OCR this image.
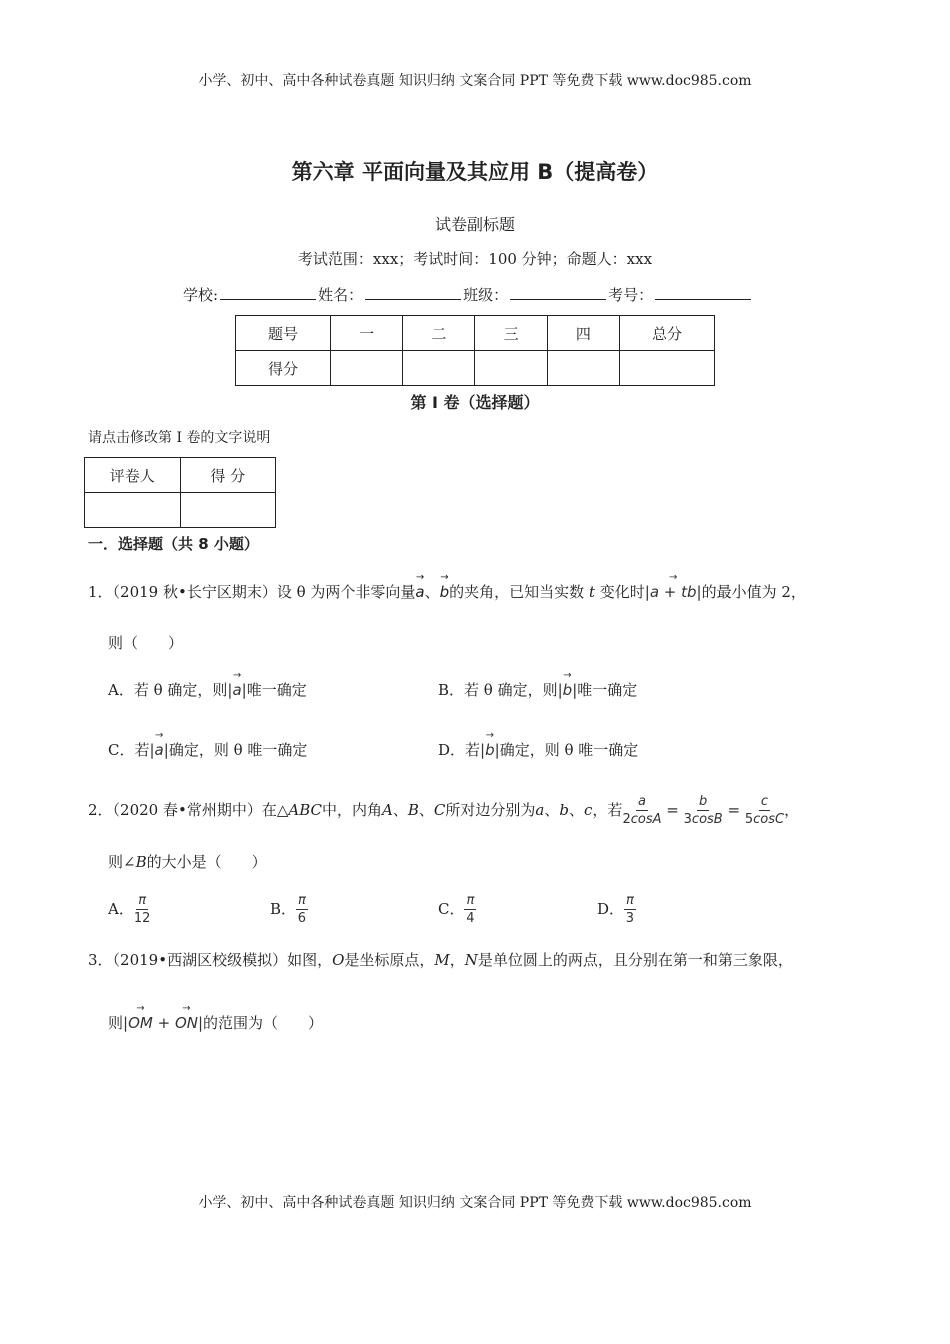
小学、初中、高中各种试卷真题 知识归纳 文案合同 PPT 等免费下载 www.doc985.com
第六章 平面向量及其应用 B（提高卷）
试卷副标题
考试范围：xxx；考试时间：100 分钟；命题人：xxx
学校:	姓名：	班级：	考号：
题号	一	二	三	四	总分
得分					
第 I 卷（选择题）
请点击修改第 I 卷的文字说明
评卷人	得 分

一．选择题（共 8 小题）
1．（2019 秋•长宁区期末）设 θ 为两个非零向量→ a、→ b的夹角，已知当实数 t 变化时|→ a + tb|的最小值为 2，
则（　　）
A．若 θ 确定，则|→ a|唯一确定	B．若 θ 确定，则|→ b|唯一确定
C．若|→ a|确定，则 θ 唯一确定	D．若|→ b|确定，则 θ 唯一确定
2．（2020 春•常州期中）在△ABC中，内角A、B、C所对边分别为a、b、c，若 $\frac{a}{2\cos A} = \frac{b}{3\cos B} = \frac{c}{5\cos C}$ ，
则∠B的大小是（　　）
A． $\frac{\pi}{12}$	B． $\frac{\pi}{6}$	C． $\frac{\pi}{4}$	D． $\frac{\pi}{3}$
3．（2019•西湖区校级模拟）如图，O是坐标原点，M，N是单位圆上的两点，且分别在第一和第三象限，
则|→ OM + → ON|的范围为（　　）
小学、初中、高中各种试卷真题 知识归纳 文案合同 PPT 等免费下载 www.doc985.com
